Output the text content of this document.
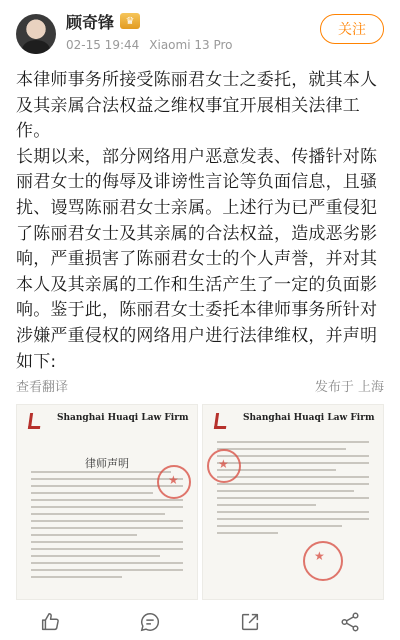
顾奇锋	♛
02-15 19:44 Xiaomi 13 Pro
关注

本律师事务所接受陈丽君女士之委托，就其本人及其亲属合法权益之维权事宜开展相关法律工作。

长期以来，部分网络用户恶意发表、传播针对陈丽君女士的侮辱及诽谤性言论等负面信息，且骚扰、谩骂陈丽君女士亲属。上述行为已严重侵犯了陈丽君女士及其亲属的合法权益，造成恶劣影响，严重损害了陈丽君女士的个人声誉，并对其本人及其亲属的工作和生活产生了一定的负面影响。鉴于此，陈丽君女士委托本律师事务所针对涉嫌严重侵权的网络用户进行法律维权，并声明如下:

查看翻译	发布于 上海
Shanghai Huaqi Law Firm
律师声明
★
Shanghai Huaqi Law Firm
★
★
